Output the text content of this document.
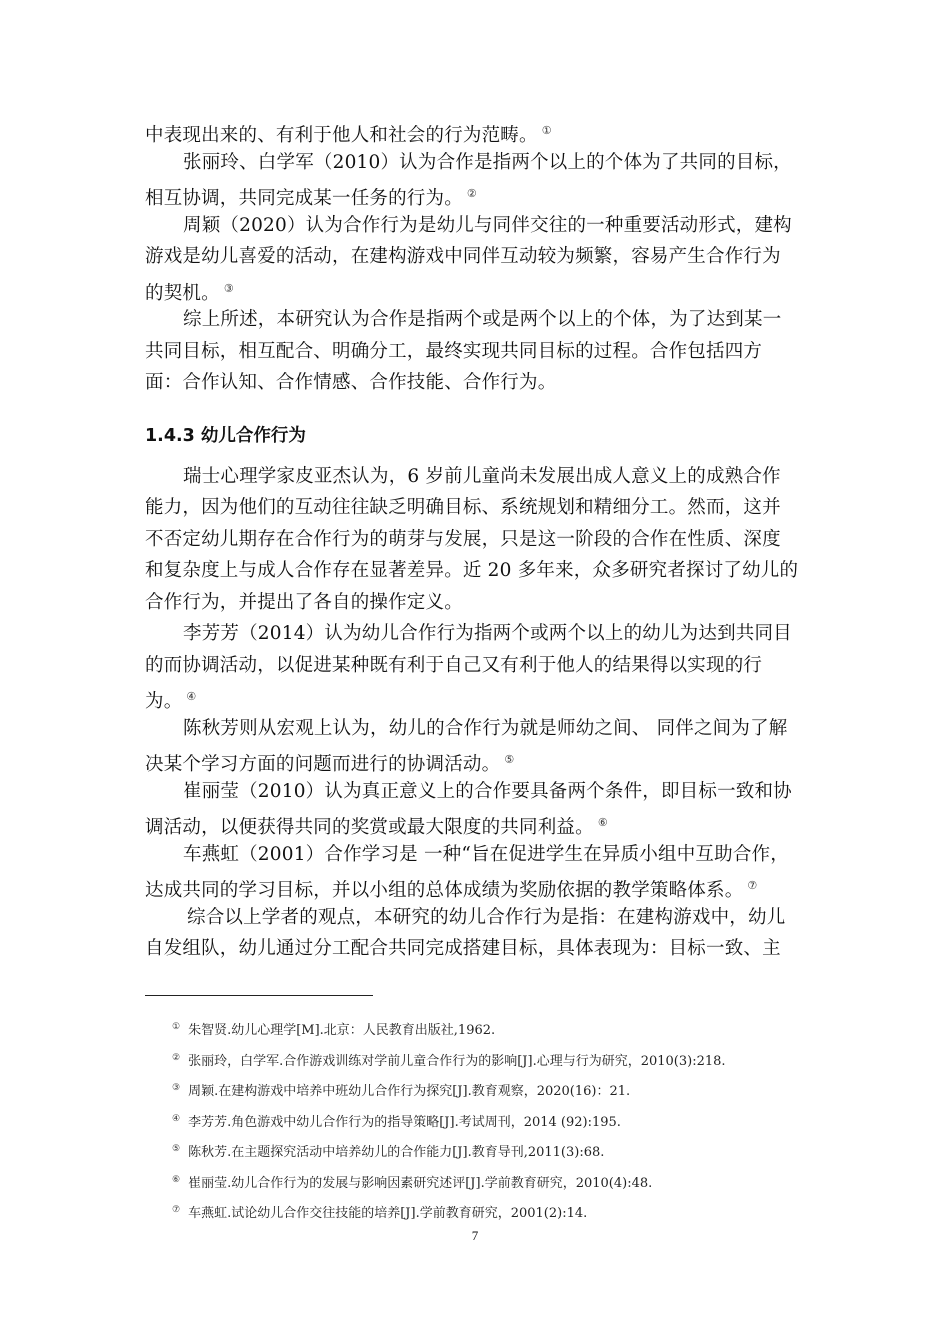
中表现出来的、有利于他人和社会的行为范畴。 ①
张丽玲、白学军（2010）认为合作是指两个以上的个体为了共同的目标，
相互协调，共同完成某一任务的行为。 ②
周颖（2020）认为合作行为是幼儿与同伴交往的一种重要活动形式，建构
游戏是幼儿喜爱的活动，在建构游戏中同伴互动较为频繁，容易产生合作行为
的契机。 ③
综上所述，本研究认为合作是指两个或是两个以上的个体，为了达到某一
共同目标，相互配合、明确分工，最终实现共同目标的过程。合作包括四方
面：合作认知、合作情感、合作技能、合作行为。
1.4.3 幼儿合作行为
瑞士心理学家皮亚杰认为，6 岁前儿童尚未发展出成人意义上的成熟合作
能力，因为他们的互动往往缺乏明确目标、系统规划和精细分工。然而，这并
不否定幼儿期存在合作行为的萌芽与发展，只是这一阶段的合作在性质、深度
和复杂度上与成人合作存在显著差异。近 20 多年来，众多研究者探讨了幼儿的
合作行为，并提出了各自的操作定义。
李芳芳（2014）认为幼儿合作行为指两个或两个以上的幼儿为达到共同目
的而协调活动，以促进某种既有利于自己又有利于他人的结果得以实现的行
为。 ④
陈秋芳则从宏观上认为，幼儿的合作行为就是师幼之间、 同伴之间为了解
决某个学习方面的问题而进行的协调活动。 ⑤
崔丽莹（2010）认为真正意义上的合作要具备两个条件，即目标一致和协
调活动，以便获得共同的奖赏或最大限度的共同利益。 ⑥
车燕虹（2001）合作学习是 一种“旨在促进学生在异质小组中互助合作，
达成共同的学习目标，并以小组的总体成绩为奖励依据的教学策略体系。 ⑦
综合以上学者的观点，本研究的幼儿合作行为是指：在建构游戏中，幼儿
自发组队，幼儿通过分工配合共同完成搭建目标，具体表现为：目标一致、主
① 朱智贤.幼儿心理学[M].北京：人民教育出版社,1962.
② 张丽玲，白学军.合作游戏训练对学前儿童合作行为的影响[J].心理与行为研究，2010(3):218.
③ 周颖.在建构游戏中培养中班幼儿合作行为探究[J].教育观察，2020(16)：21.
④ 李芳芳.角色游戏中幼儿合作行为的指导策略[J].考试周刊，2014 (92):195.
⑤ 陈秋芳.在主题探究活动中培养幼儿的合作能力[J].教育导刊,2011(3):68.
⑥ 崔丽莹.幼儿合作行为的发展与影响因素研究述评[J].学前教育研究，2010(4):48.
⑦ 车燕虹.试论幼儿合作交往技能的培养[J].学前教育研究，2001(2):14.
7
